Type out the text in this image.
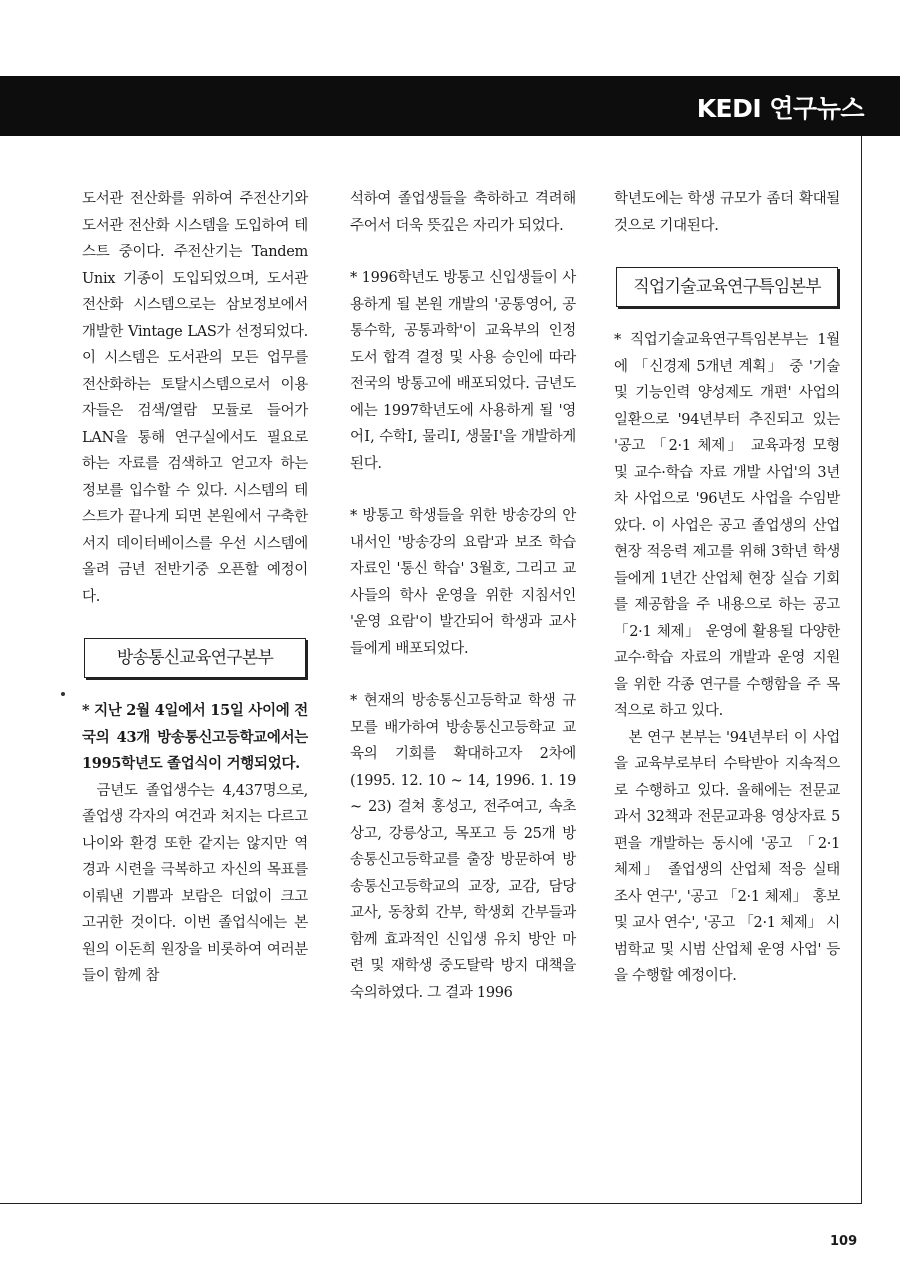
KEDI 연구뉴스

도서관 전산화를 위하여 주전산기와 도서관 전산화 시스템을 도입하여 테스트 중이다. 주전산기는 Tandem Unix 기종이 도입되었으며, 도서관 전산화 시스템으로는 삼보정보에서 개발한 Vintage LAS가 선정되었다. 이 시스템은 도서관의 모든 업무를 전산화하는 토탈시스템으로서 이용자들은 검색/열람 모듈로 들어가 LAN을 통해 연구실에서도 필요로 하는 자료를 검색하고 얻고자 하는 정보를 입수할 수 있다. 시스템의 테스트가 끝나게 되면 본원에서 구축한 서지 데이터베이스를 우선 시스템에 올려 금년 전반기중 오픈할 예정이다.

방송통신교육연구본부

* 지난 2월 4일에서 15일 사이에 전국의 43개 방송통신고등학교에서는 1995학년도 졸업식이 거행되었다.

금년도 졸업생수는 4,437명으로, 졸업생 각자의 여건과 처지는 다르고 나이와 환경 또한 같지는 않지만 역경과 시련을 극복하고 자신의 목표를 이뤄낸 기쁨과 보람은 더없이 크고 고귀한 것이다. 이번 졸업식에는 본원의 이돈희 원장을 비롯하여 여러분들이 함께 참

석하여 졸업생들을 축하하고 격려해 주어서 더욱 뜻깊은 자리가 되었다.

* 1996학년도 방통고 신입생들이 사용하게 될 본원 개발의 '공통영어, 공통수학, 공통과학'이 교육부의 인정 도서 합격 결정 및 사용 승인에 따라 전국의 방통고에 배포되었다. 금년도에는 1997학년도에 사용하게 될 '영어Ⅰ, 수학Ⅰ, 물리Ⅰ, 생물Ⅰ'을 개발하게 된다.

* 방통고 학생들을 위한 방송강의 안내서인 '방송강의 요람'과 보조 학습 자료인 '통신 학습' 3월호, 그리고 교사들의 학사 운영을 위한 지침서인 '운영 요람'이 발간되어 학생과 교사들에게 배포되었다.

* 현재의 방송통신고등학교 학생 규모를 배가하여 방송통신고등학교 교육의 기회를 확대하고자 2차에(1995. 12. 10 ~ 14, 1996. 1. 19 ~ 23) 걸쳐 홍성고, 전주여고, 속초상고, 강릉상고, 목포고 등 25개 방송통신고등학교를 출장 방문하여 방송통신고등학교의 교장, 교감, 담당 교사, 동창회 간부, 학생회 간부들과 함께 효과적인 신입생 유치 방안 마련 및 재학생 중도탈락 방지 대책을 숙의하였다. 그 결과 1996

학년도에는 학생 규모가 좀더 확대될 것으로 기대된다.

직업기술교육연구특임본부

* 직업기술교육연구특임본부는 1월에 「신경제 5개년 계획」 중 '기술 및 기능인력 양성제도 개편' 사업의 일환으로 '94년부터 추진되고 있는 '공고 「2·1 체제」 교육과정 모형 및 교수·학습 자료 개발 사업'의 3년차 사업으로 '96년도 사업을 수임받았다. 이 사업은 공고 졸업생의 산업 현장 적응력 제고를 위해 3학년 학생들에게 1년간 산업체 현장 실습 기회를 제공함을 주 내용으로 하는 공고 「2·1 체제」 운영에 활용될 다양한 교수·학습 자료의 개발과 운영 지원을 위한 각종 연구를 수행함을 주 목적으로 하고 있다.

본 연구 본부는 '94년부터 이 사업을 교육부로부터 수탁받아 지속적으로 수행하고 있다. 올해에는 전문교과서 32책과 전문교과용 영상자료 5편을 개발하는 동시에 '공고 「2·1 체제」 졸업생의 산업체 적응 실태 조사 연구', '공고 「2·1 체제」 홍보 및 교사 연수', '공고 「2·1 체제」 시범학교 및 시범 산업체 운영 사업' 등을 수행할 예정이다.

109
